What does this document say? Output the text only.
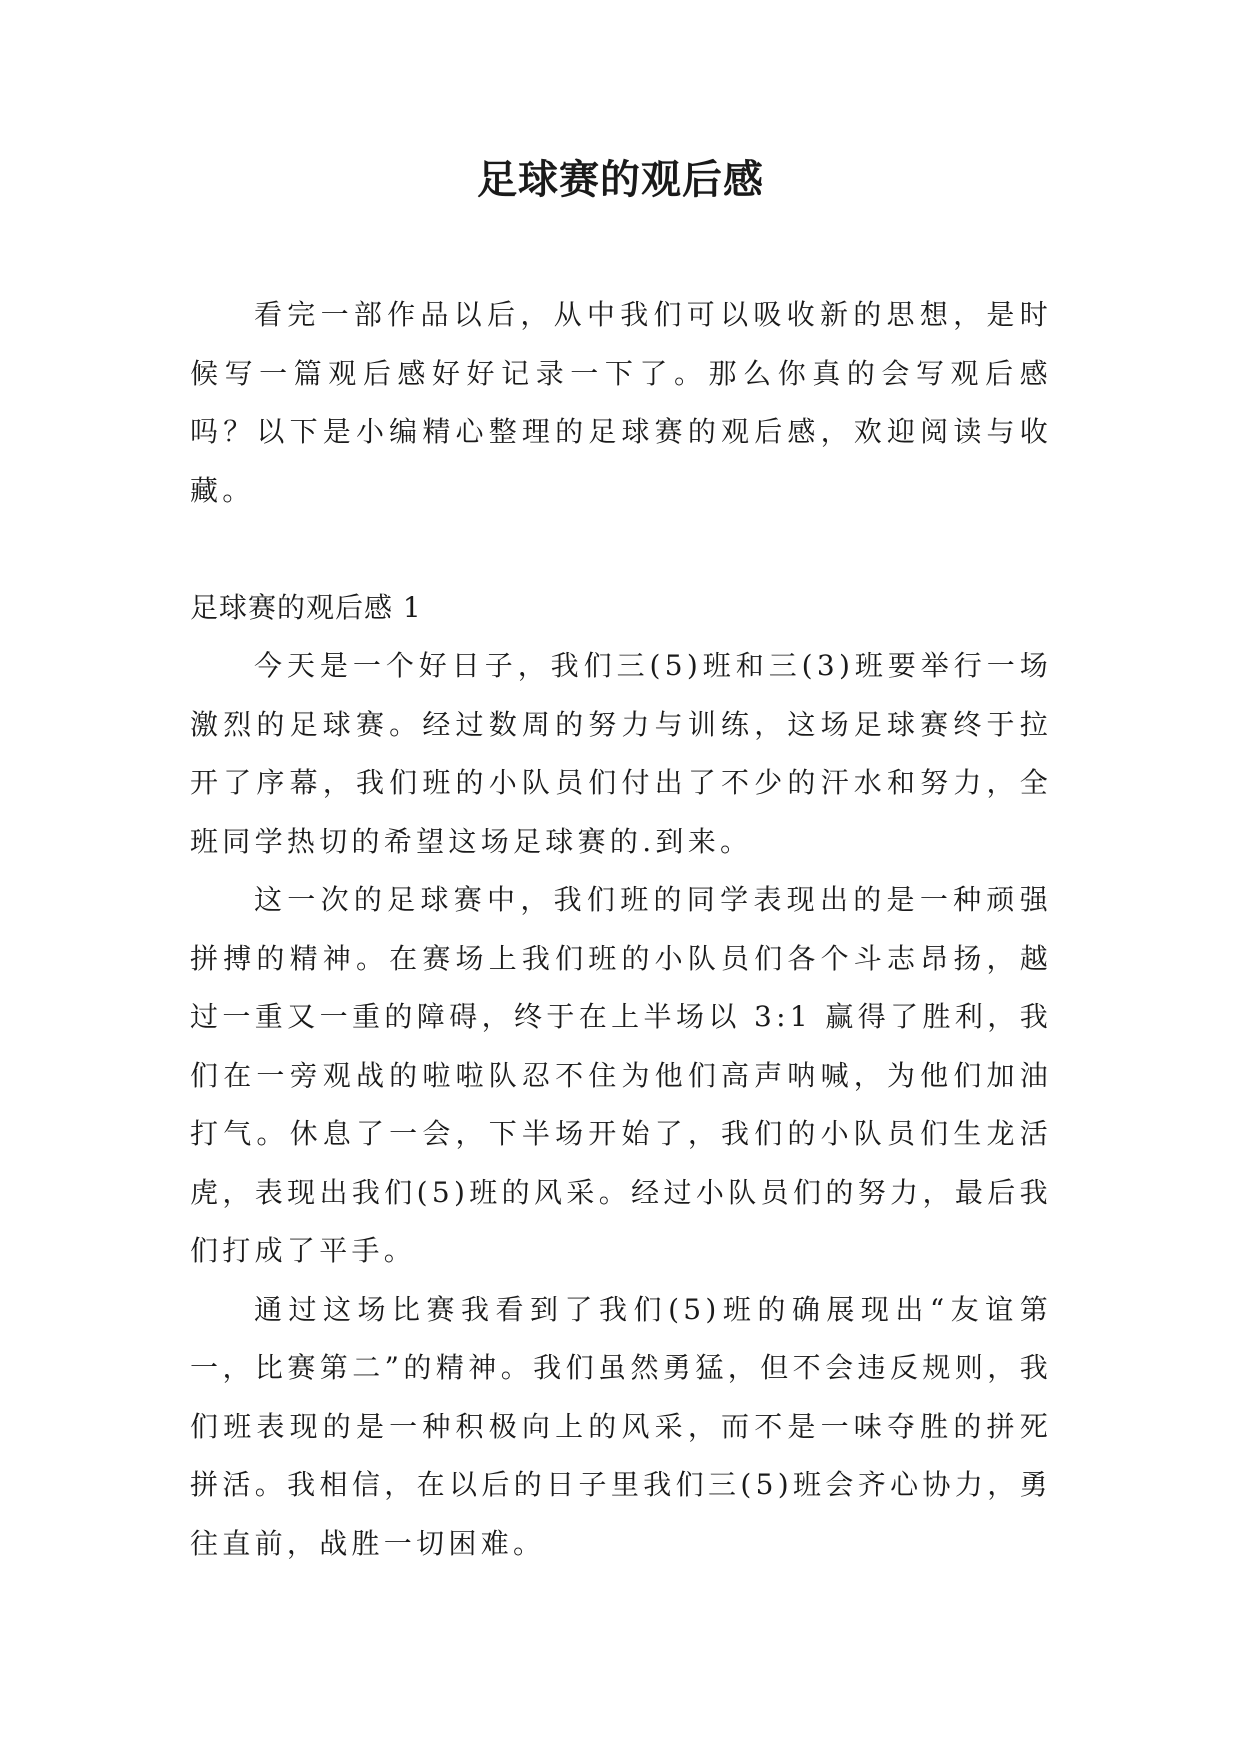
足球赛的观后感

看完一部作品以后，从中我们可以吸收新的思想，是时候写一篇观后感好好记录一下了。那么你真的会写观后感吗？以下是小编精心整理的足球赛的观后感，欢迎阅读与收藏。

足球赛的观后感 1

今天是一个好日子，我们三(5)班和三(3)班要举行一场激烈的足球赛。经过数周的努力与训练，这场足球赛终于拉开了序幕，我们班的小队员们付出了不少的汗水和努力，全班同学热切的希望这场足球赛的.到来。

这一次的足球赛中，我们班的同学表现出的是一种顽强拼搏的精神。在赛场上我们班的小队员们各个斗志昂扬，越过一重又一重的障碍，终于在上半场以 3:1 赢得了胜利，我们在一旁观战的啦啦队忍不住为他们高声呐喊，为他们加油打气。休息了一会，下半场开始了，我们的小队员们生龙活虎，表现出我们(5)班的风采。经过小队员们的努力，最后我们打成了平手。

通过这场比赛我看到了我们(5)班的确展现出“友谊第一，比赛第二”的精神。我们虽然勇猛，但不会违反规则，我们班表现的是一种积极向上的风采，而不是一味夺胜的拼死拼活。我相信，在以后的日子里我们三(5)班会齐心协力，勇往直前，战胜一切困难。
